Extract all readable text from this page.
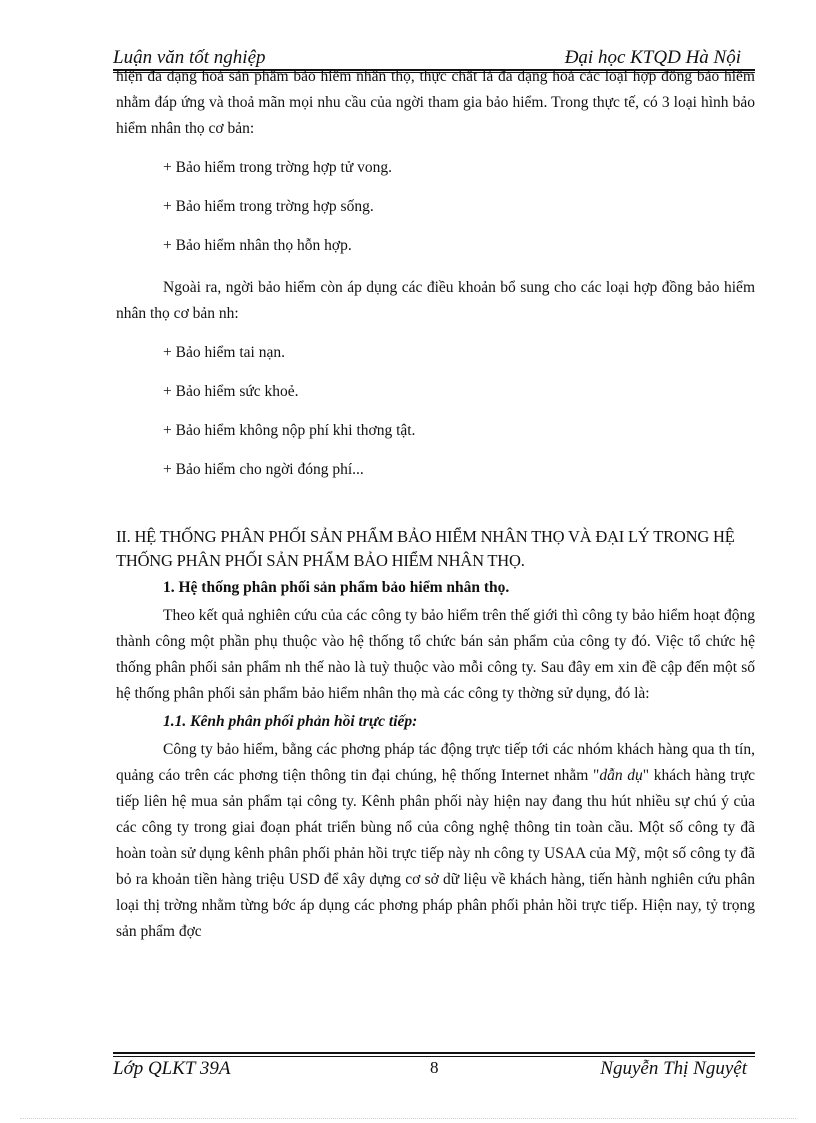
Luận văn tốt nghiệp	Đại học KTQD Hà Nội

hiện đa dạng hoá sản phẩm bảo hiểm nhân thọ, thực chất là đa dạng hoá các loại hợp đồng bảo hiểm nhằm đáp ứng và thoả mãn mọi nhu cầu của ngời tham gia bảo hiểm. Trong thực tế, có 3 loại hình bảo hiểm nhân thọ cơ bản:

+ Bảo hiểm trong trờng hợp tử vong.

+ Bảo hiểm trong trờng hợp sống.

+ Bảo hiểm nhân thọ hỗn hợp.

Ngoài ra, ngời bảo hiểm còn áp dụng các điều khoản bổ sung cho các loại hợp đồng bảo hiểm nhân thọ cơ bản nh:

+ Bảo hiểm tai nạn.

+ Bảo hiểm sức khoẻ.

+ Bảo hiểm không nộp phí khi thơng tật.

+ Bảo hiểm cho ngời đóng phí...

II. HỆ THỐNG PHÂN PHỐI SẢN PHẨM BẢO HIỂM NHÂN THỌ VÀ ĐẠI LÝ TRONG HỆ THỐNG PHÂN PHỐI SẢN PHẨM BẢO HIỂM NHÂN THỌ.

1. Hệ thống phân phối sản phẩm bảo hiểm nhân thọ.

Theo kết quả nghiên cứu của các công ty bảo hiểm trên thế giới thì công ty bảo hiểm hoạt động thành công một phần phụ thuộc vào hệ thống tổ chức bán sản phẩm của công ty đó. Việc tổ chức hệ thống phân phối sản phẩm nh thế nào là tuỳ thuộc vào mỗi công ty. Sau đây em xin đề cập đến một số hệ thống phân phối sản phẩm bảo hiểm nhân thọ mà các công ty thờng sử dụng, đó là:

1.1. Kênh phân phối phản hồi trực tiếp:

Công ty bảo hiểm, bằng các phơng pháp tác động trực tiếp tới các nhóm khách hàng qua th tín, quảng cáo trên các phơng tiện thông tin đại chúng, hệ thống Internet nhằm "dẫn dụ" khách hàng trực tiếp liên hệ mua sản phẩm tại công ty. Kênh phân phối này hiện nay đang thu hút nhiều sự chú ý của các công ty trong giai đoạn phát triển bùng nổ của công nghệ thông tin toàn cầu. Một số công ty đã hoàn toàn sử dụng kênh phân phối phản hồi trực tiếp này nh công ty USAA của Mỹ, một số công ty đã bỏ ra khoản tiền hàng triệu USD để xây dựng cơ sở dữ liệu về khách hàng, tiến hành nghiên cứu phân loại thị trờng nhằm từng bớc áp dụng các phơng pháp phân phối phản hồi trực tiếp. Hiện nay, tỷ trọng sản phẩm đợc

Lớp QLKT 39A	8	Nguyễn Thị Nguyệt
